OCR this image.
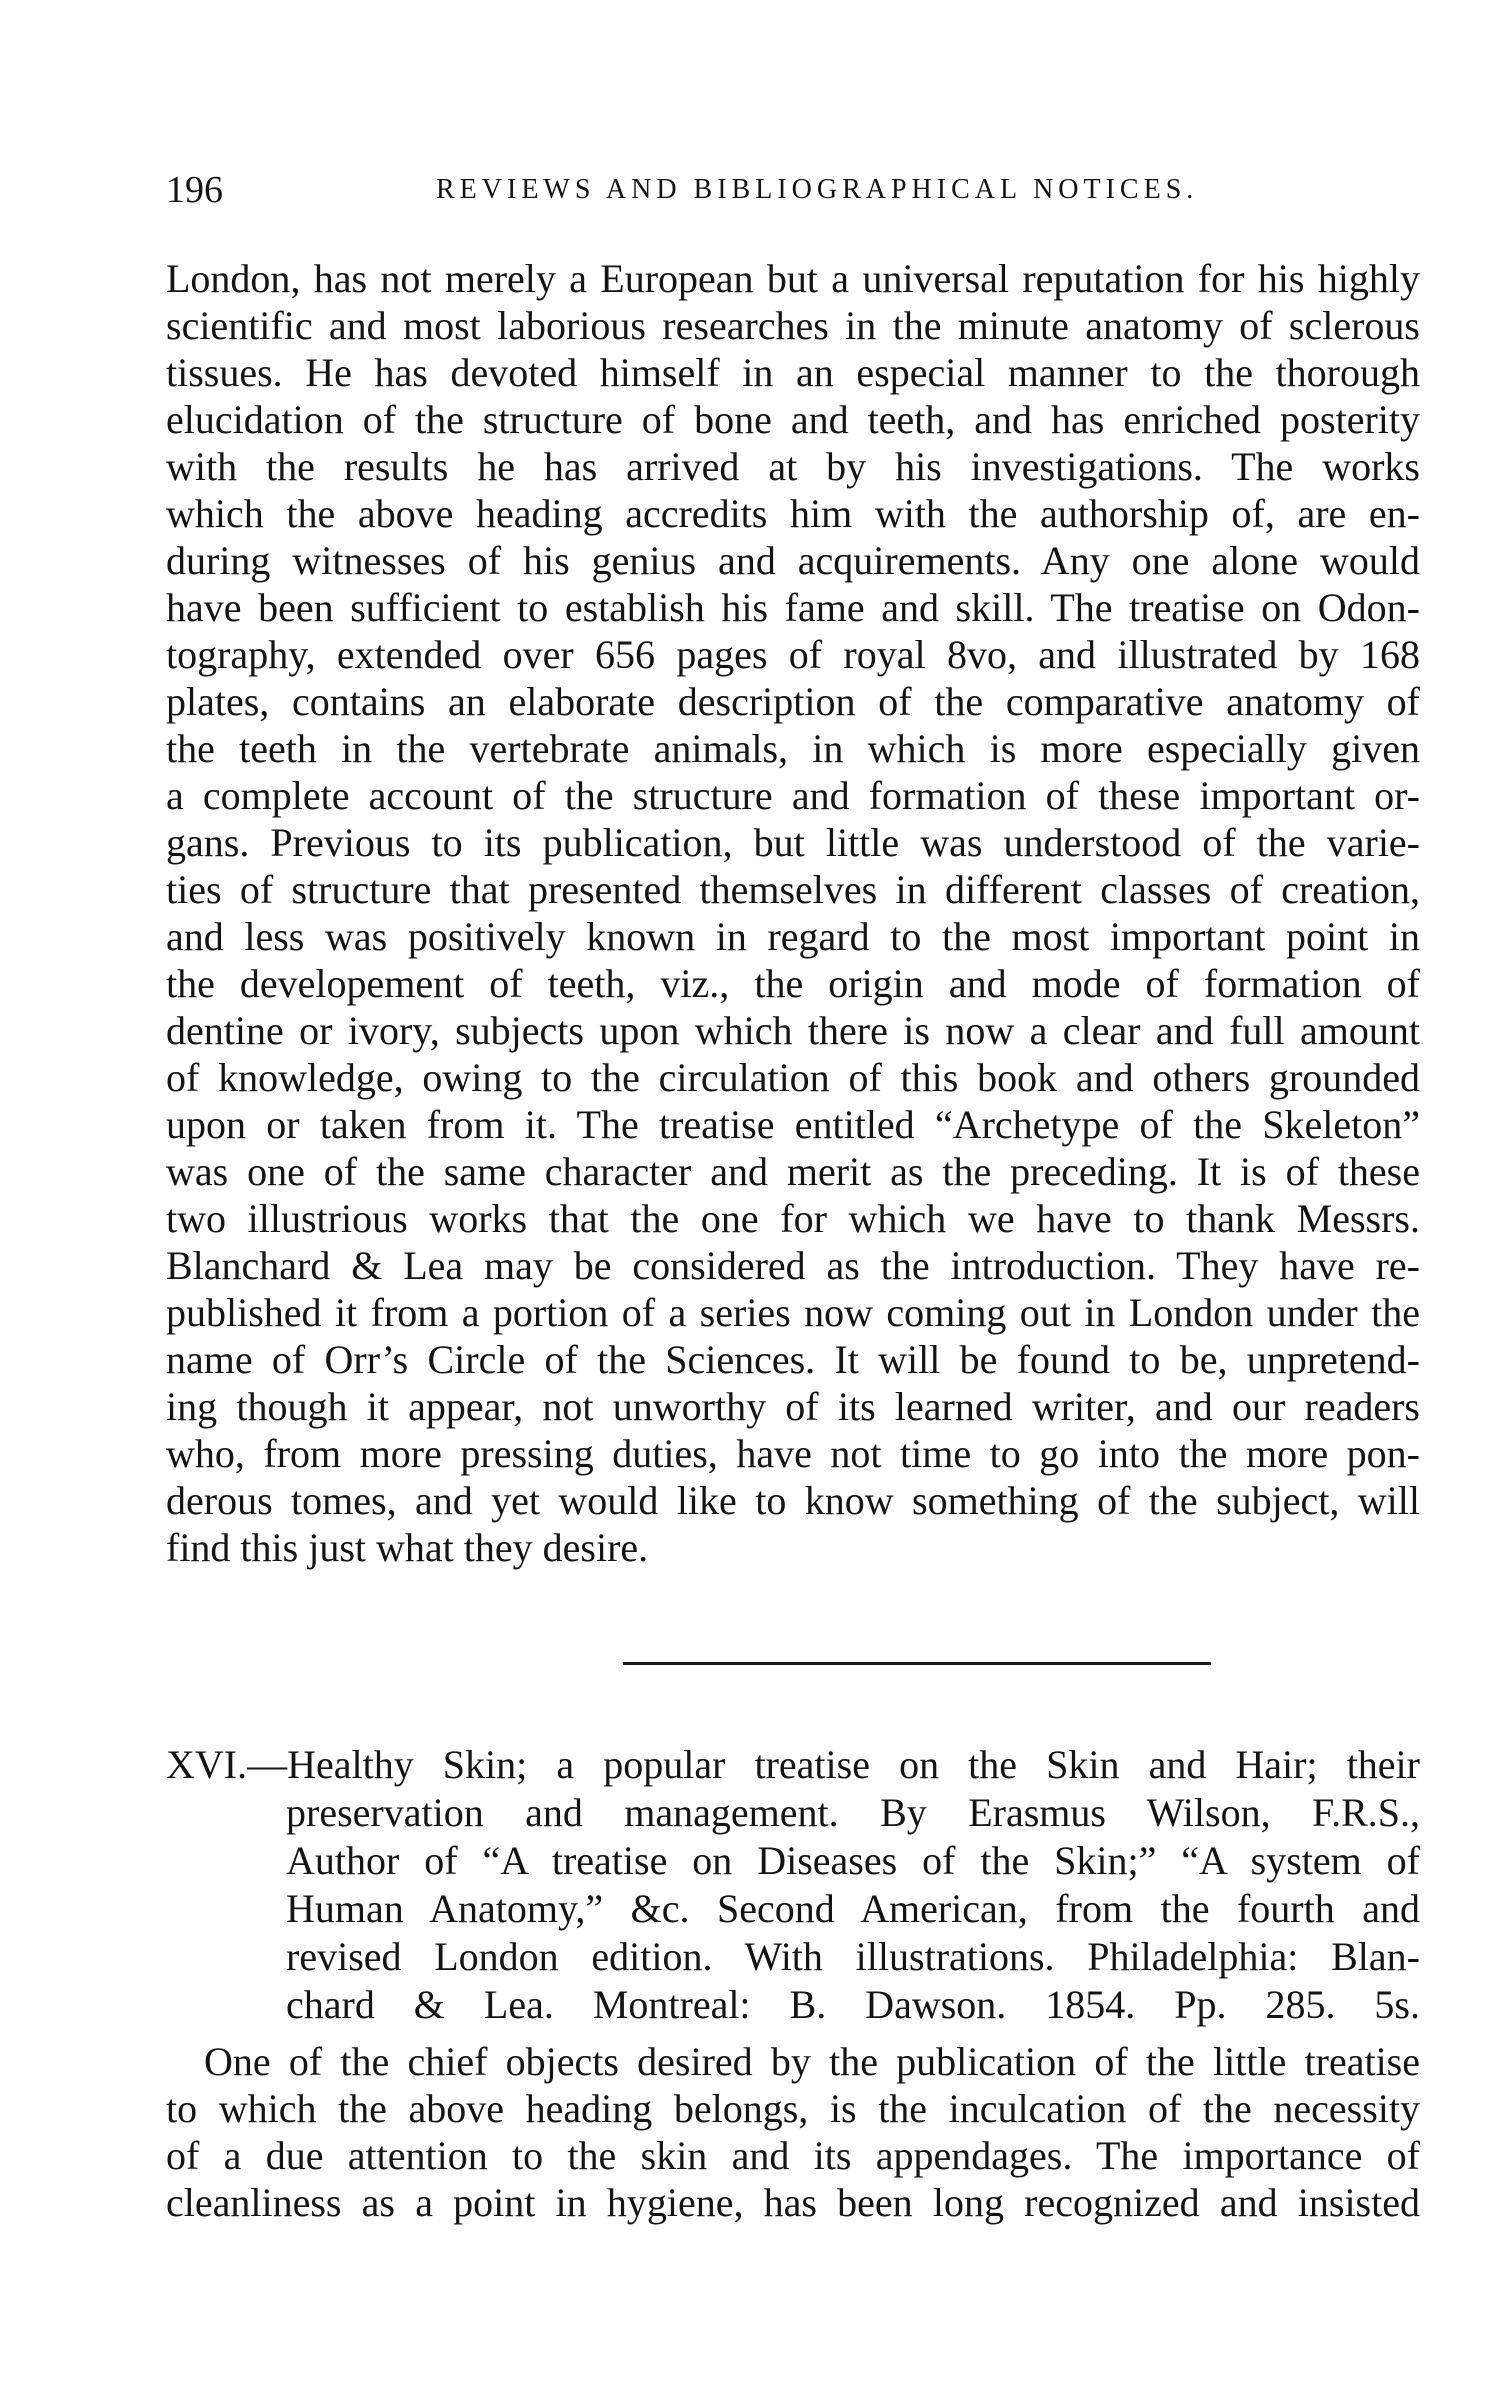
196	REVIEWS AND BIBLIOGRAPHICAL NOTICES.
London, has not merely a European but a universal reputation for his highly
scientific and most laborious researches in the minute anatomy of sclerous
tissues. He has devoted himself in an especial manner to the thorough
elucidation of the structure of bone and teeth, and has enriched posterity
with the results he has arrived at by his investigations. The works
which the above heading accredits him with the authorship of, are en-
during witnesses of his genius and acquirements. Any one alone would
have been sufficient to establish his fame and skill. The treatise on Odon-
tography, extended over 656 pages of royal 8vo, and illustrated by 168
plates, contains an elaborate description of the comparative anatomy of
the teeth in the vertebrate animals, in which is more especially given
a complete account of the structure and formation of these important or-
gans. Previous to its publication, but little was understood of the varie-
ties of structure that presented themselves in different classes of creation,
and less was positively known in regard to the most important point in
the developement of teeth, viz., the origin and mode of formation of
dentine or ivory, subjects upon which there is now a clear and full amount
of knowledge, owing to the circulation of this book and others grounded
upon or taken from it. The treatise entitled “Archetype of the Skeleton”
was one of the same character and merit as the preceding. It is of these
two illustrious works that the one for which we have to thank Messrs.
Blanchard & Lea may be considered as the introduction. They have re-
published it from a portion of a series now coming out in London under the
name of Orr’s Circle of the Sciences. It will be found to be, unpretend-
ing though it appear, not unworthy of its learned writer, and our readers
who, from more pressing duties, have not time to go into the more pon-
derous tomes, and yet would like to know something of the subject, will
find this just what they desire.
XVI.—Healthy Skin; a popular treatise on the Skin and Hair; their
preservation and management. By Erasmus Wilson, F.R.S.,
Author of “A treatise on Diseases of the Skin;” “A system of
Human Anatomy,” &c. Second American, from the fourth and
revised London edition. With illustrations. Philadelphia: Blan-
chard & Lea. Montreal: B. Dawson. 1854. Pp. 285. 5s.
One of the chief objects desired by the publication of the little treatise
to which the above heading belongs, is the inculcation of the necessity
of a due attention to the skin and its appendages. The importance of
cleanliness as a point in hygiene, has been long recognized and insisted
